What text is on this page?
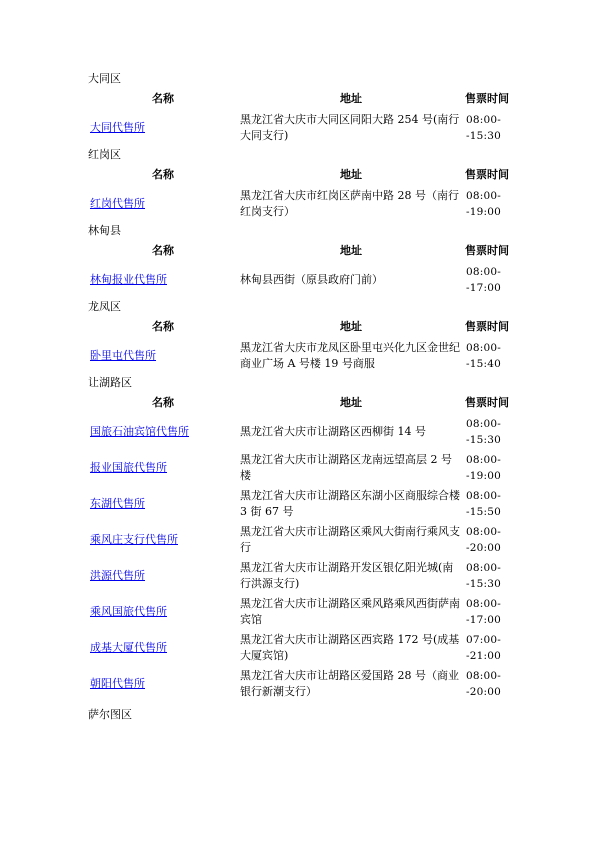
大同区

名称	地址	售票时间
大同代售所	黑龙江省大庆市大同区同阳大路 254 号(南行大同支行)	08:00--15:30

红岗区

名称	地址	售票时间
红岗代售所	黑龙江省大庆市红岗区萨南中路 28 号（南行红岗支行）	08:00--19:00

林甸县

名称	地址	售票时间
林甸报业代售所	林甸县西街（原县政府门前）	08:00--17:00

龙凤区

名称	地址	售票时间
卧里屯代售所	黑龙江省大庆市龙凤区卧里屯兴化九区金世纪商业广场 A 号楼 19 号商服	08:00--15:40

让湖路区

名称	地址	售票时间
国旅石油宾馆代售所	黑龙江省大庆市让湖路区西柳街 14 号	08:00--15:30
报业国旅代售所	黑龙江省大庆市让湖路区龙南远望高层 2 号楼	08:00--19:00
东湖代售所	黑龙江省大庆市让湖路区东湖小区商服综合楼 3 街 67 号	08:00--15:50
乘风庄支行代售所	黑龙江省大庆市让湖路区乘风大街南行乘风支行	08:00--20:00
洪源代售所	黑龙江省大庆市让湖路开发区银亿阳光城(南行洪源支行)	08:00--15:30
乘风国旅代售所	黑龙江省大庆市让湖路区乘风路乘风西街萨南宾馆	08:00--17:00
成基大厦代售所	黑龙江省大庆市让湖路区西宾路 172 号(成基大厦宾馆)	07:00--21:00
朝阳代售所	黑龙江省大庆市让胡路区爱国路 28 号（商业银行新潮支行）	08:00--20:00

萨尔图区
